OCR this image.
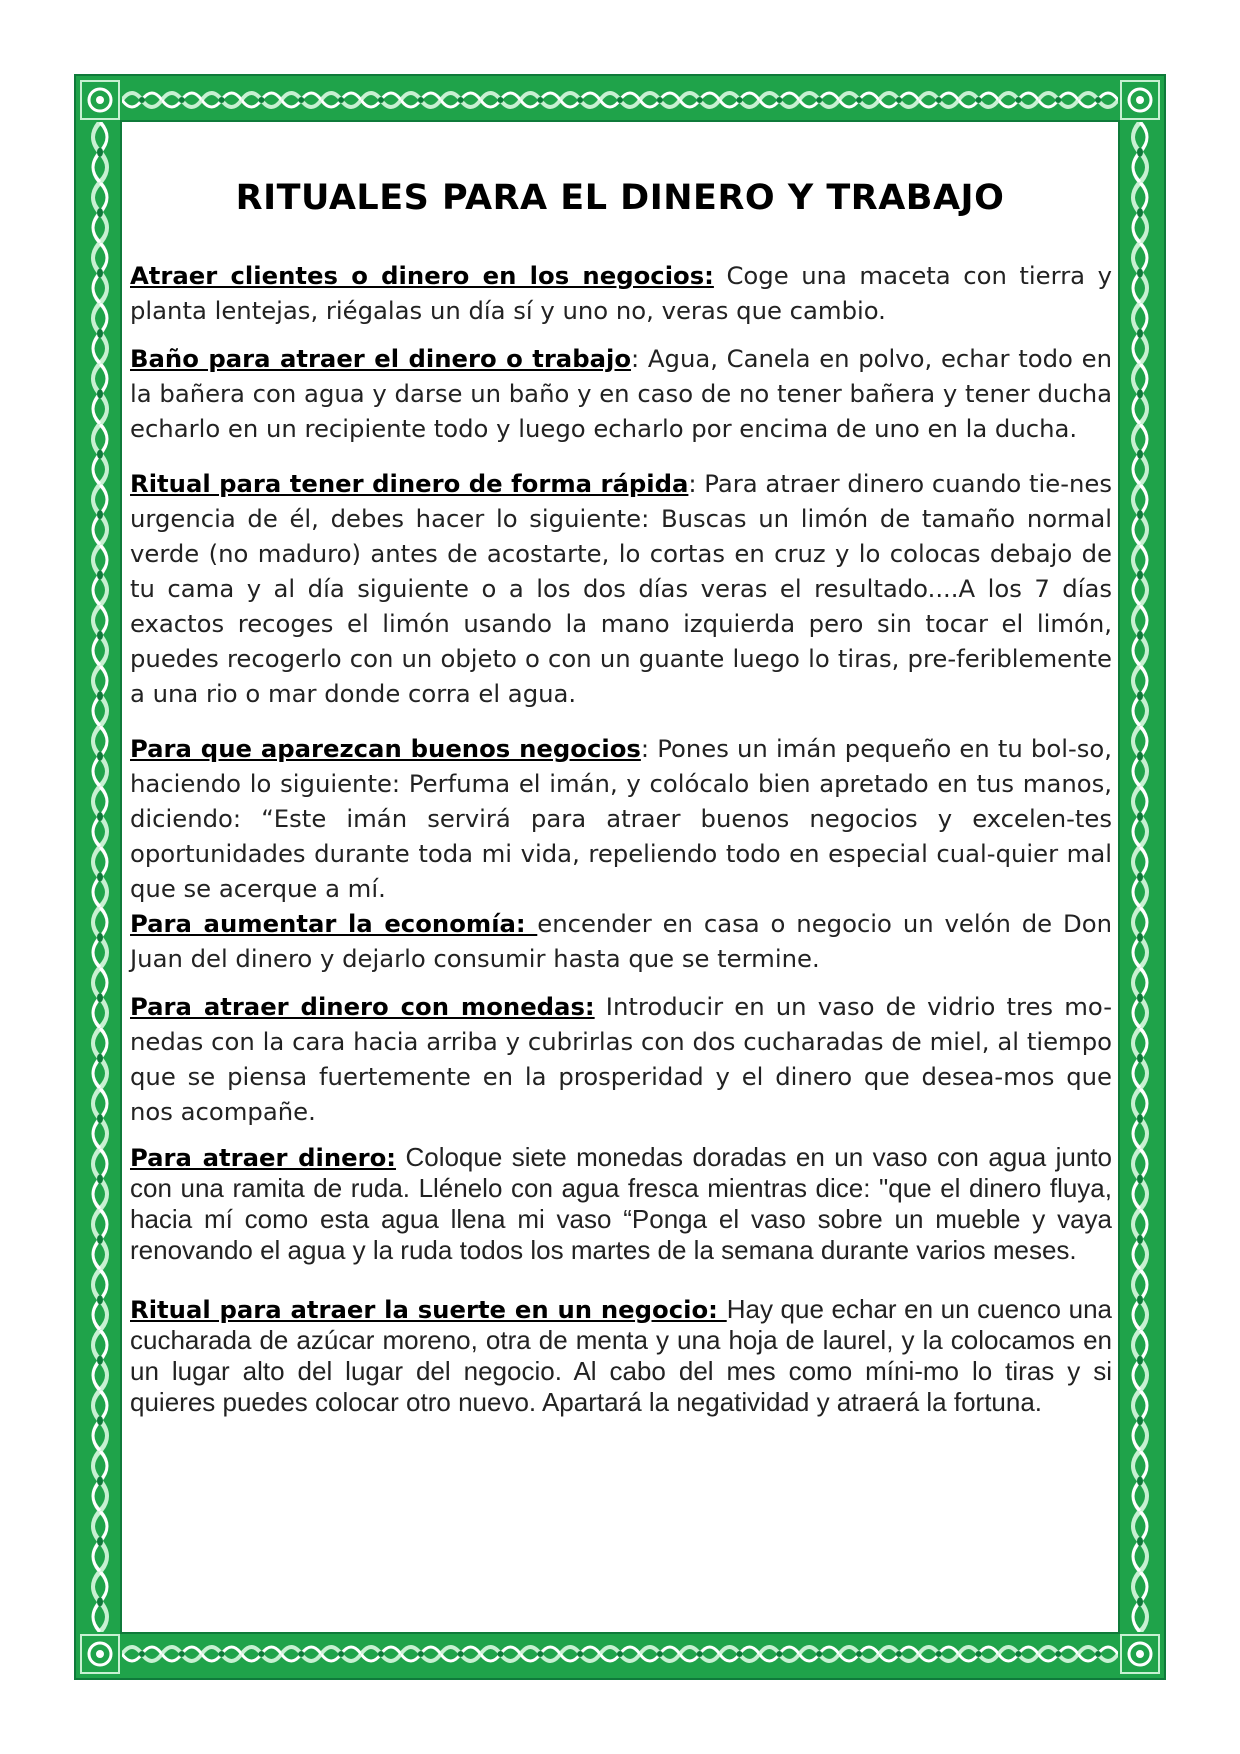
RITUALES PARA EL DINERO Y TRABAJO

Atraer clientes o dinero en los negocios: Coge una maceta con tierra y planta lentejas, riégalas un día sí y uno no, veras que cambio.

Baño para atraer el dinero o trabajo: Agua, Canela en polvo, echar todo en la bañera con agua y darse un baño y en caso de no tener bañera y tener ducha echarlo en un recipiente todo y luego echarlo por encima de uno en la ducha.

Ritual para tener dinero de forma rápida: Para atraer dinero cuando tie-nes urgencia de él, debes hacer lo siguiente: Buscas un limón de tamaño normal verde (no maduro) antes de acostarte, lo cortas en cruz y lo colocas debajo de tu cama y al día siguiente o a los dos días veras el resultado....A los 7 días exactos recoges el limón usando la mano izquierda pero sin tocar el limón, puedes recogerlo con un objeto o con un guante luego lo tiras, pre-feriblemente a una rio o mar donde corra el agua.

Para que aparezcan buenos negocios: Pones un imán pequeño en tu bol-so, haciendo lo siguiente: Perfuma el imán, y colócalo bien apretado en tus manos, diciendo: “Este imán servirá para atraer buenos negocios y excelen-tes oportunidades durante toda mi vida, repeliendo todo en especial cual-quier mal que se acerque a mí.

Para aumentar la economía: encender en casa o negocio un velón de Don Juan del dinero y dejarlo consumir hasta que se termine.

Para atraer dinero con monedas: Introducir en un vaso de vidrio tres mo-nedas con la cara hacia arriba y cubrirlas con dos cucharadas de miel, al tiempo que se piensa fuertemente en la prosperidad y el dinero que desea-mos que nos acompañe.

Para atraer dinero: Coloque siete monedas doradas en un vaso con agua junto con una ramita de ruda. Llénelo con agua fresca mientras dice: "que el dinero fluya, hacia mí como esta agua llena mi vaso “Ponga el vaso sobre un mueble y vaya renovando el agua y la ruda todos los martes de la semana durante varios meses.

Ritual para atraer la suerte en un negocio: Hay que echar en un cuenco una cucharada de azúcar moreno, otra de menta y una hoja de laurel, y la colocamos en un lugar alto del lugar del negocio. Al cabo del mes como míni-mo lo tiras y si quieres puedes colocar otro nuevo. Apartará la negatividad y atraerá la fortuna.
